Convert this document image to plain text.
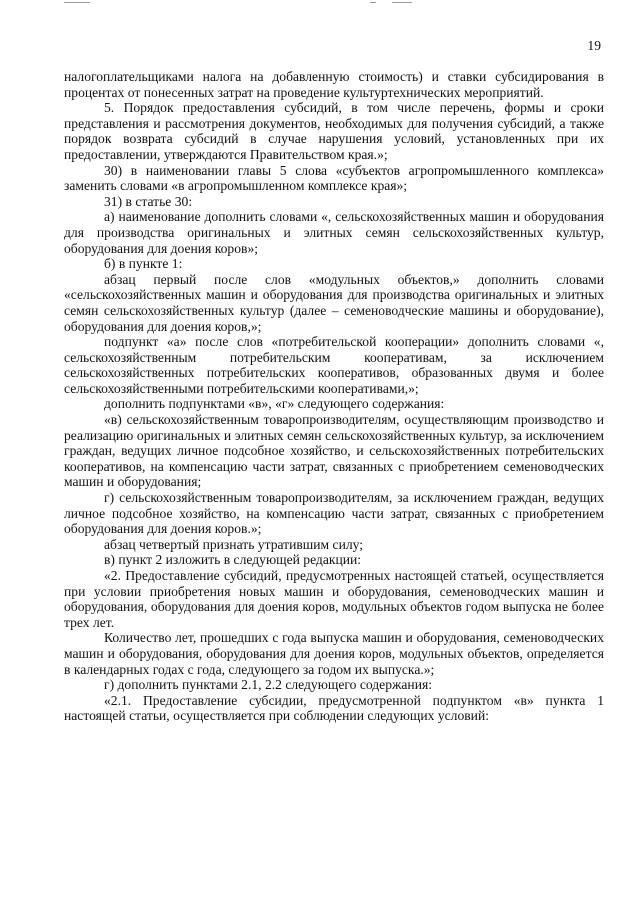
19

налогоплательщиками налога на добавленную стоимость) и ставки субсидирования в процентах от понесенных затрат на проведение культуртехнических мероприятий.

5. Порядок предоставления субсидий, в том числе перечень, формы и сроки представления и рассмотрения документов, необходимых для получения субсидий, а также порядок возврата субсидий в случае нарушения условий, установленных при их предоставлении, утверждаются Правительством края.»;

30) в наименовании главы 5 слова «субъектов агропромышленного комплекса» заменить словами «в агропромышленном комплексе края»;

31) в статье 30:

а) наименование дополнить словами «, сельскохозяйственных машин и оборудования для производства оригинальных и элитных семян сельскохозяйственных культур, оборудования для доения коров»;

б) в пункте 1:

абзац первый после слов «модульных объектов,» дополнить словами «сельскохозяйственных машин и оборудования для производства оригинальных и элитных семян сельскохозяйственных культур (далее – семеноводческие машины и оборудование), оборудования для доения коров,»;

подпункт «а» после слов «потребительской кооперации» дополнить словами «, сельскохозяйственным потребительским кооперативам, за исключением сельскохозяйственных потребительских кооперативов, образованных двумя и более сельскохозяйственными потребительскими кооперативами,»;

дополнить подпунктами «в», «г» следующего содержания:

«в) сельскохозяйственным товаропроизводителям, осуществляющим производство и реализацию оригинальных и элитных семян сельскохозяйственных культур, за исключением граждан, ведущих личное подсобное хозяйство, и сельскохозяйственных потребительских кооперативов, на компенсацию части затрат, связанных с приобретением семеноводческих машин и оборудования;

г) сельскохозяйственным товаропроизводителям, за исключением граждан, ведущих личное подсобное хозяйство, на компенсацию части затрат, связанных с приобретением оборудования для доения коров.»;

абзац четвертый признать утратившим силу;

в) пункт 2 изложить в следующей редакции:

«2. Предоставление субсидий, предусмотренных настоящей статьей, осуществляется при условии приобретения новых машин и оборудования, семеноводческих машин и оборудования, оборудования для доения коров, модульных объектов годом выпуска не более трех лет.

Количество лет, прошедших с года выпуска машин и оборудования, семеноводческих машин и оборудования, оборудования для доения коров, модульных объектов, определяется в календарных годах с года, следующего за годом их выпуска.»;

г) дополнить пунктами 2.1, 2.2 следующего содержания:

«2.1. Предоставление субсидии, предусмотренной подпунктом «в» пункта 1 настоящей статьи, осуществляется при соблюдении следующих условий:
